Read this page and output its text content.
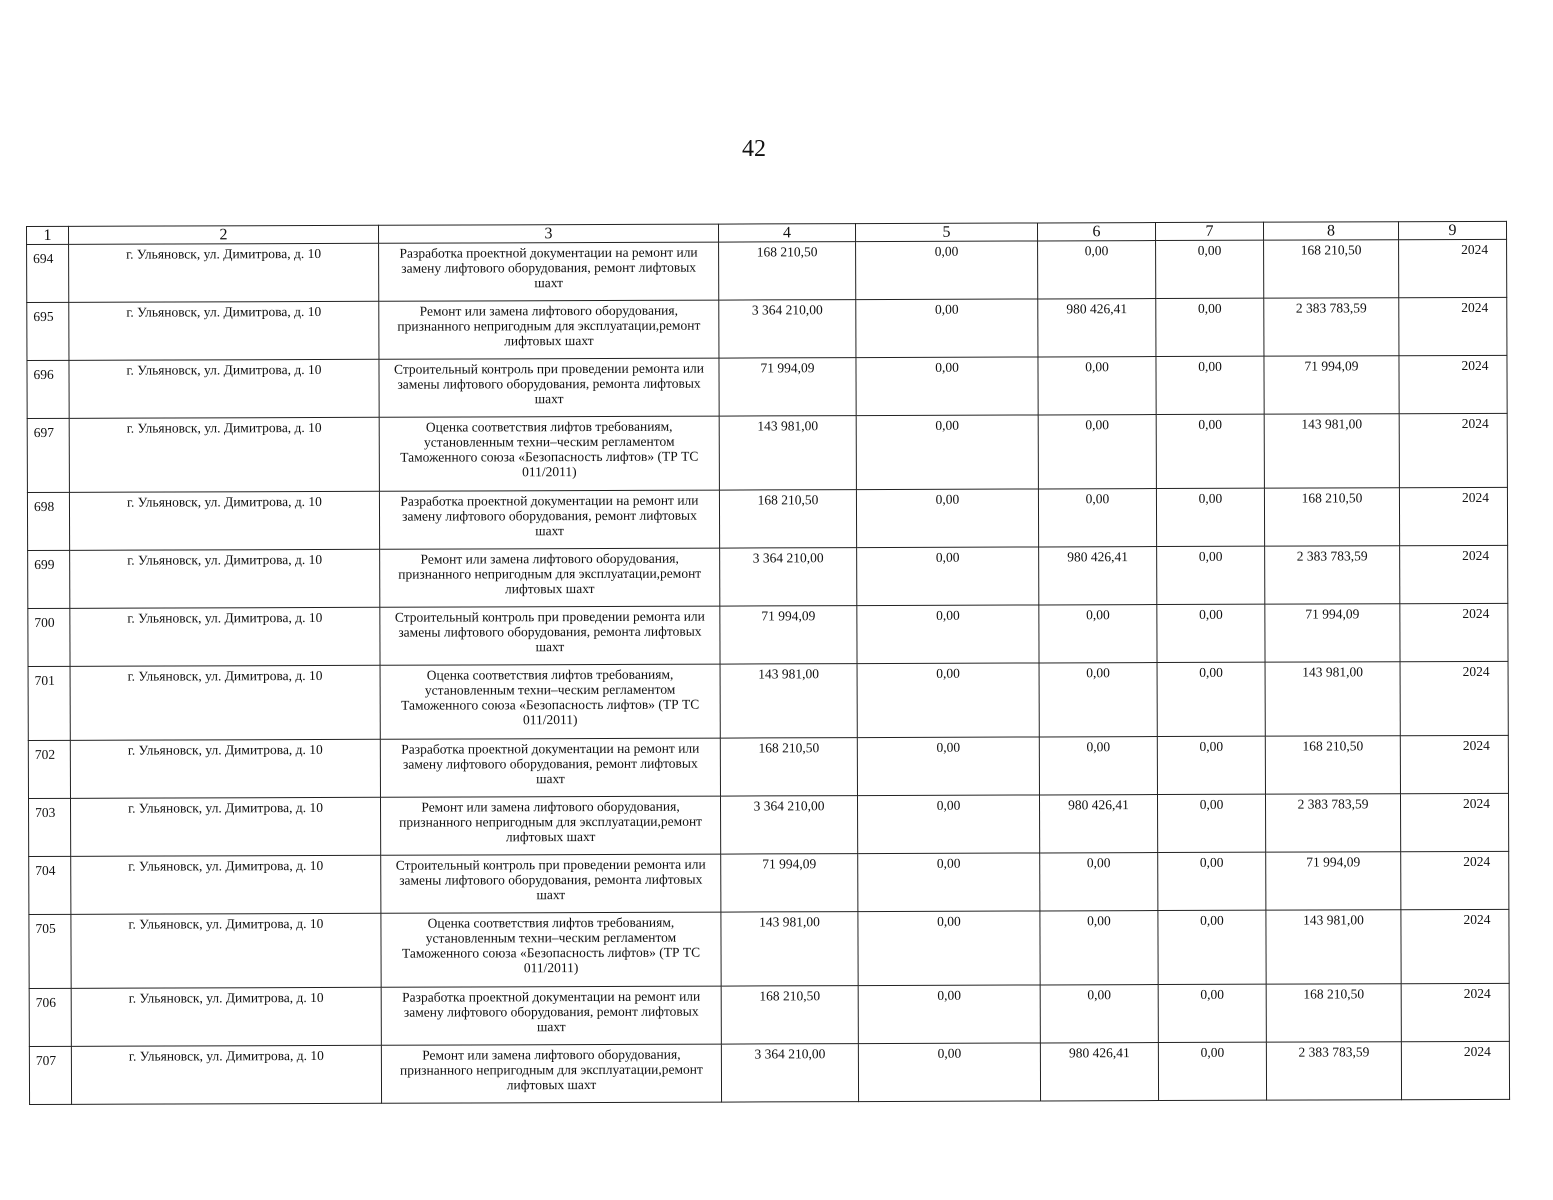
42
1	2	3	4	5	6	7	8	9
694	г. Ульяновск, ул. Димитрова, д. 10	Разработка проектной документации на ремонт или замену лифтового оборудования, ремонт лифтовых шахт	168 210,50	0,00	0,00	0,00	168 210,50	2024
695	г. Ульяновск, ул. Димитрова, д. 10	Ремонт или замена лифтового оборудования, признанного непригодным для эксплуатации,ремонт лифтовых шахт	3 364 210,00	0,00	980 426,41	0,00	2 383 783,59	2024
696	г. Ульяновск, ул. Димитрова, д. 10	Строительный контроль при проведении ремонта или замены лифтового оборудования, ремонта лифтовых шахт	71 994,09	0,00	0,00	0,00	71 994,09	2024
697	г. Ульяновск, ул. Димитрова, д. 10	Оценка соответствия лифтов требованиям, установленным техни–ческим регламентом Таможенного союза «Безопасность лифтов» (ТР ТС 011/2011)	143 981,00	0,00	0,00	0,00	143 981,00	2024
698	г. Ульяновск, ул. Димитрова, д. 10	Разработка проектной документации на ремонт или замену лифтового оборудования, ремонт лифтовых шахт	168 210,50	0,00	0,00	0,00	168 210,50	2024
699	г. Ульяновск, ул. Димитрова, д. 10	Ремонт или замена лифтового оборудования, признанного непригодным для эксплуатации,ремонт лифтовых шахт	3 364 210,00	0,00	980 426,41	0,00	2 383 783,59	2024
700	г. Ульяновск, ул. Димитрова, д. 10	Строительный контроль при проведении ремонта или замены лифтового оборудования, ремонта лифтовых шахт	71 994,09	0,00	0,00	0,00	71 994,09	2024
701	г. Ульяновск, ул. Димитрова, д. 10	Оценка соответствия лифтов требованиям, установленным техни–ческим регламентом Таможенного союза «Безопасность лифтов» (ТР ТС 011/2011)	143 981,00	0,00	0,00	0,00	143 981,00	2024
702	г. Ульяновск, ул. Димитрова, д. 10	Разработка проектной документации на ремонт или замену лифтового оборудования, ремонт лифтовых шахт	168 210,50	0,00	0,00	0,00	168 210,50	2024
703	г. Ульяновск, ул. Димитрова, д. 10	Ремонт или замена лифтового оборудования, признанного непригодным для эксплуатации,ремонт лифтовых шахт	3 364 210,00	0,00	980 426,41	0,00	2 383 783,59	2024
704	г. Ульяновск, ул. Димитрова, д. 10	Строительный контроль при проведении ремонта или замены лифтового оборудования, ремонта лифтовых шахт	71 994,09	0,00	0,00	0,00	71 994,09	2024
705	г. Ульяновск, ул. Димитрова, д. 10	Оценка соответствия лифтов требованиям, установленным техни–ческим регламентом Таможенного союза «Безопасность лифтов» (ТР ТС 011/2011)	143 981,00	0,00	0,00	0,00	143 981,00	2024
706	г. Ульяновск, ул. Димитрова, д. 10	Разработка проектной документации на ремонт или замену лифтового оборудования, ремонт лифтовых шахт	168 210,50	0,00	0,00	0,00	168 210,50	2024
707	г. Ульяновск, ул. Димитрова, д. 10	Ремонт или замена лифтового оборудования, признанного непригодным для эксплуатации,ремонт лифтовых шахт	3 364 210,00	0,00	980 426,41	0,00	2 383 783,59	2024
